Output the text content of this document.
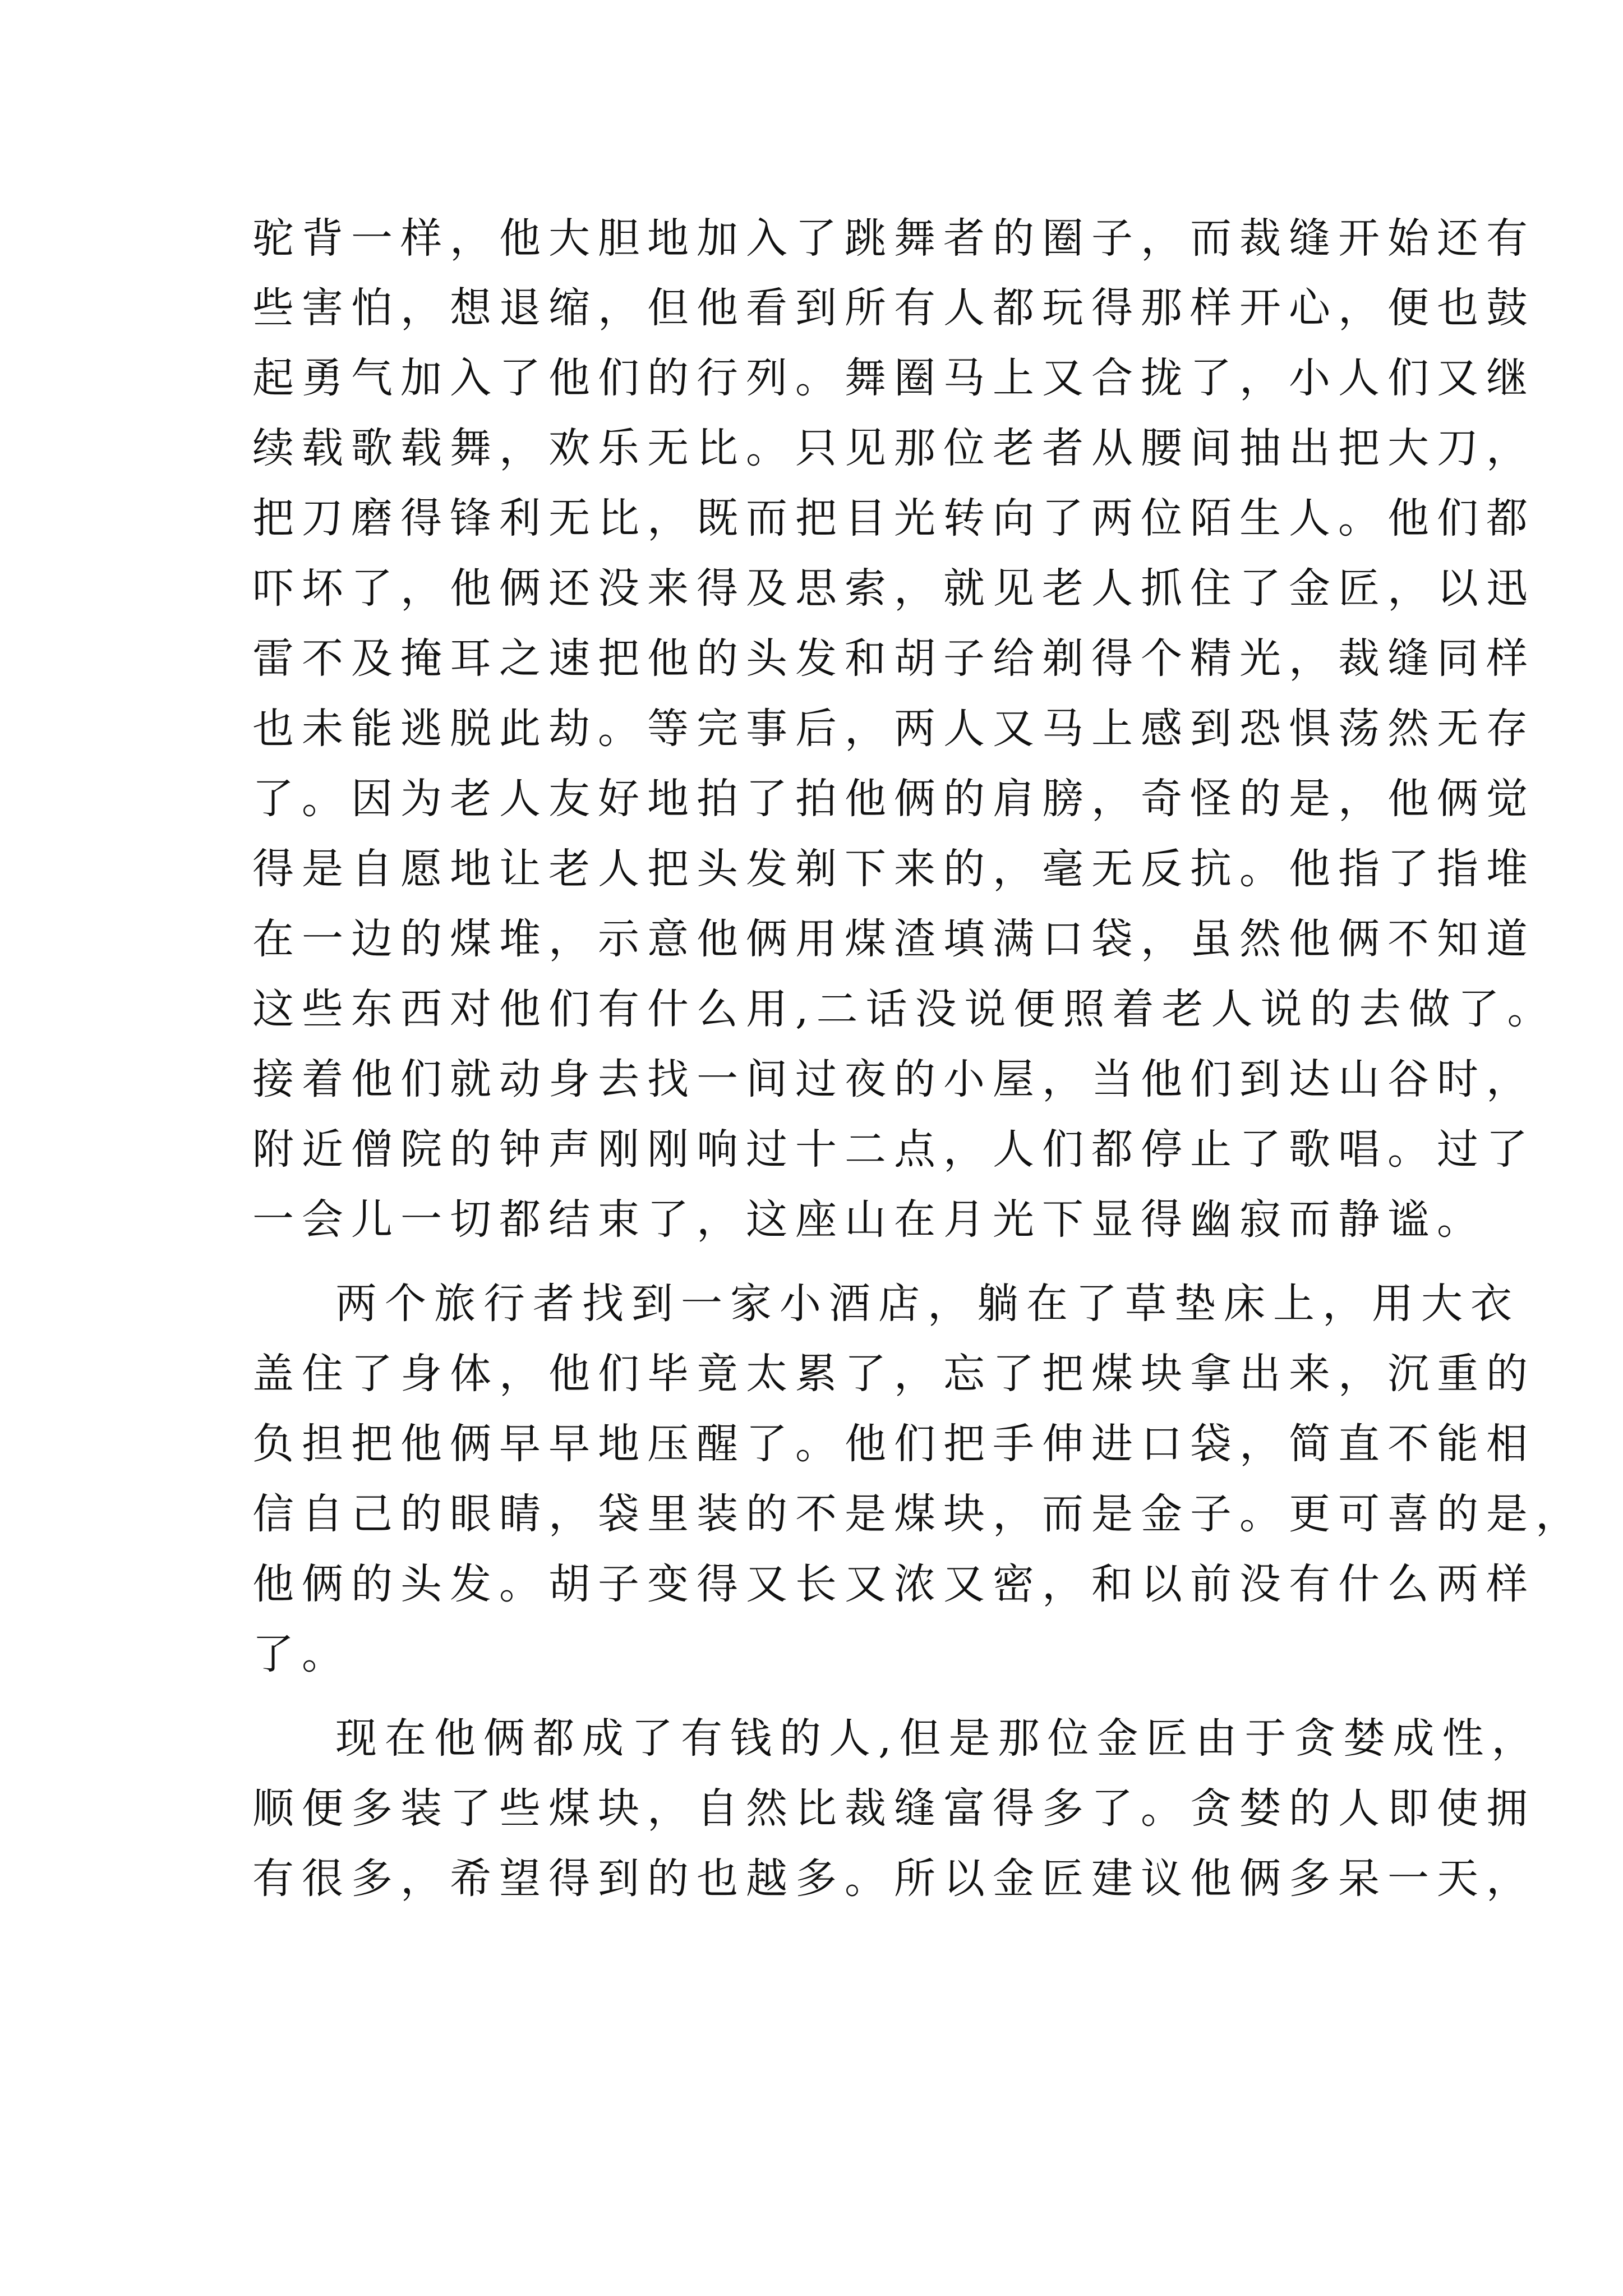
驼背一样，他大胆地加入了跳舞者的圈子，而裁缝开始还有
些害怕，想退缩，但他看到所有人都玩得那样开心，便也鼓
起勇气加入了他们的行列。舞圈马上又合拢了，小人们又继
续载歌载舞，欢乐无比。只见那位老者从腰间抽出把大刀，
把刀磨得锋利无比，既而把目光转向了两位陌生人。他们都
吓坏了，他俩还没来得及思索，就见老人抓住了金匠，以迅
雷不及掩耳之速把他的头发和胡子给剃得个精光，裁缝同样
也未能逃脱此劫。等完事后，两人又马上感到恐惧荡然无存
了。因为老人友好地拍了拍他俩的肩膀，奇怪的是，他俩觉
得是自愿地让老人把头发剃下来的，毫无反抗。他指了指堆
在一边的煤堆，示意他俩用煤渣填满口袋，虽然他俩不知道
这些东西对他们有什么用,二话没说便照着老人说的去做了。
接着他们就动身去找一间过夜的小屋，当他们到达山谷时，
附近僧院的钟声刚刚响过十二点，人们都停止了歌唱。过了
一会儿一切都结束了，这座山在月光下显得幽寂而静谧。
两个旅行者找到一家小酒店，躺在了草垫床上，用大衣
盖住了身体，他们毕竟太累了，忘了把煤块拿出来，沉重的
负担把他俩早早地压醒了。他们把手伸进口袋，简直不能相
信自己的眼睛，袋里装的不是煤块，而是金子。更可喜的是，
他俩的头发。胡子变得又长又浓又密，和以前没有什么两样
了。
现在他俩都成了有钱的人,但是那位金匠由于贪婪成性，
顺便多装了些煤块，自然比裁缝富得多了。贪婪的人即使拥
有很多，希望得到的也越多。所以金匠建议他俩多呆一天，
